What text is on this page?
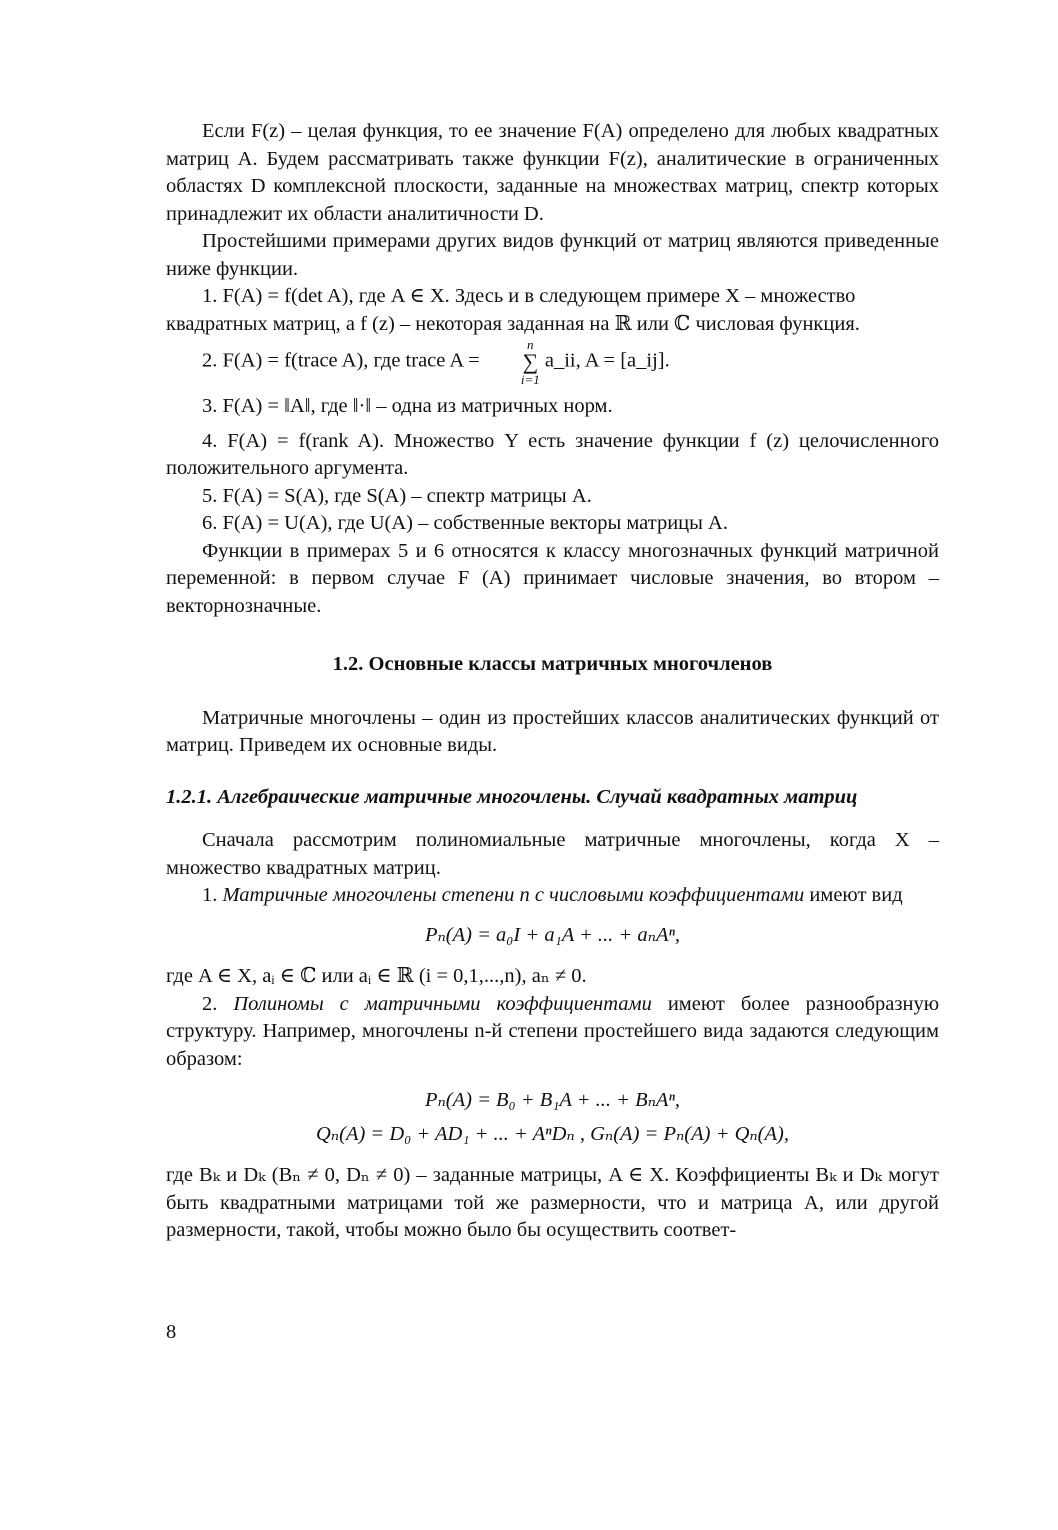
Если F(z) – целая функция, то ее значение F(A) определено для любых квадратных матриц A. Будем рассматривать также функции F(z), аналитические в ограниченных областях D комплексной плоскости, заданные на множествах матриц, спектр которых принадлежит их области аналитичности D.

Простейшими примерами других видов функций от матриц являются приведенные ниже функции.

1. F(A) = f(det A), где A ∈ X. Здесь и в следующем примере X – множество

квадратных матриц, а f (z) – некоторая заданная на ℝ или ℂ числовая функция.

2. F(A) = f(trace A), где trace A =
n
∑
i=1
a_ii, A = [a_ij].

3. F(A) = ‖A‖, где ‖·‖ – одна из матричных норм.

4. F(A) = f(rank A). Множество Y есть значение функции f (z) целочисленного положительного аргумента.

5. F(A) = S(A), где S(A) – спектр матрицы A.

6. F(A) = U(A), где U(A) – собственные векторы матрицы A.

Функции в примерах 5 и 6 относятся к классу многозначных функций матричной переменной: в первом случае F (A) принимает числовые значения, во втором – векторнозначные.

1.2. Основные классы матричных многочленов

Матричные многочлены – один из простейших классов аналитических функций от матриц. Приведем их основные виды.

1.2.1. Алгебраические матричные многочлены. Случай квадратных матриц

Сначала рассмотрим полиномиальные матричные многочлены, когда X – множество квадратных матриц.

1. Матричные многочлены степени n с числовыми коэффициентами имеют вид

Pₙ(A) = a₀I + a₁A + ... + aₙAⁿ,

где A ∈ X, aᵢ ∈ ℂ или aᵢ ∈ ℝ (i = 0,1,...,n), aₙ ≠ 0.

2. Полиномы с матричными коэффициентами имеют более разнообразную структуру. Например, многочлены n-й степени простейшего вида задаются следующим образом:

Pₙ(A) = B₀ + B₁A + ... + BₙAⁿ,

Qₙ(A) = D₀ + AD₁ + ... + AⁿDₙ , Gₙ(A) = Pₙ(A) + Qₙ(A),

где Bₖ и Dₖ (Bₙ ≠ 0, Dₙ ≠ 0) – заданные матрицы, A ∈ X. Коэффициенты Bₖ и Dₖ могут быть квадратными матрицами той же размерности, что и матрица A, или другой размерности, такой, чтобы можно было бы осуществить соответ-

8
